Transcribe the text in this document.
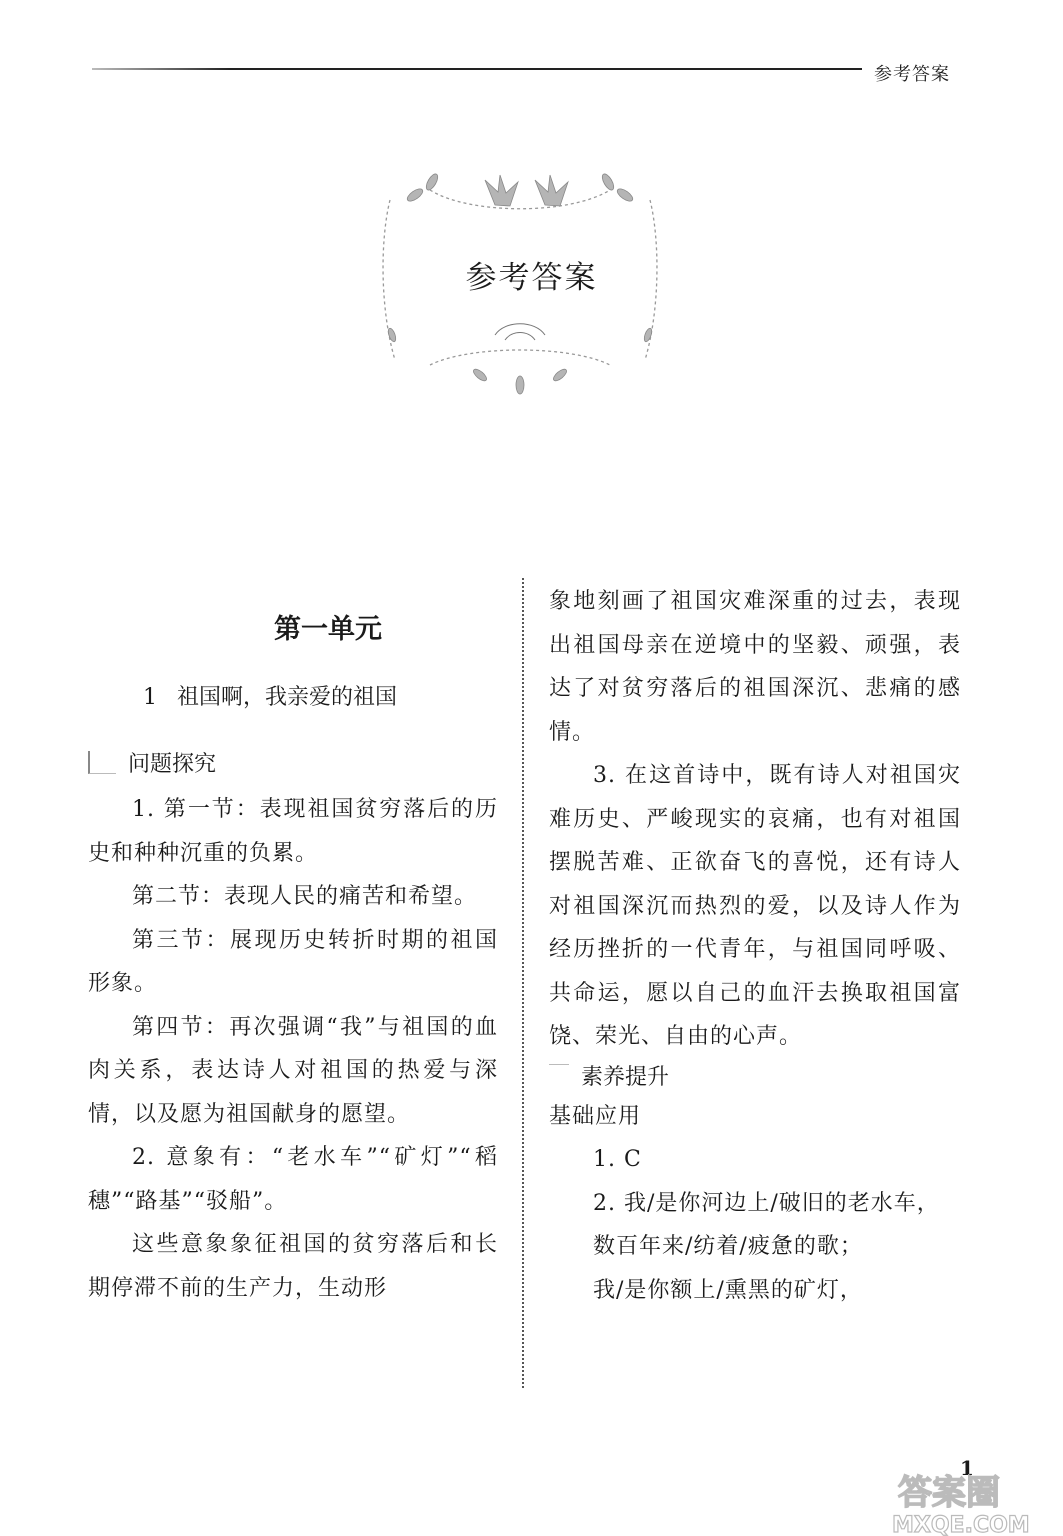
参考答案
参考答案
第一单元
1 祖国啊，我亲爱的祖国
问题探究

1. 第一节：表现祖国贫穷落后的历史和种种沉重的负累。

第二节：表现人民的痛苦和希望。

第三节：展现历史转折时期的祖国形象。

第四节：再次强调“我”与祖国的血肉关系，表达诗人对祖国的热爱与深情，以及愿为祖国献身的愿望。

2. 意象有：“老水车”“矿灯”“稻穗”“路基”“驳船”。

这些意象象征祖国的贫穷落后和长期停滞不前的生产力，生动形

象地刻画了祖国灾难深重的过去，表现出祖国母亲在逆境中的坚毅、顽强，表达了对贫穷落后的祖国深沉、悲痛的感情。

3. 在这首诗中，既有诗人对祖国灾难历史、严峻现实的哀痛，也有对祖国摆脱苦难、正欲奋飞的喜悦，还有诗人对祖国深沉而热烈的爱，以及诗人作为经历挫折的一代青年，与祖国同呼吸、共命运，愿以自己的血汗去换取祖国富饶、荣光、自由的心声。

素养提升
基础应用

1. C

2. 我/是你河边上/破旧的老水车，

数百年来/纺着/疲惫的歌；

我/是你额上/熏黑的矿灯，

1
答案圈
MXQE.COM
